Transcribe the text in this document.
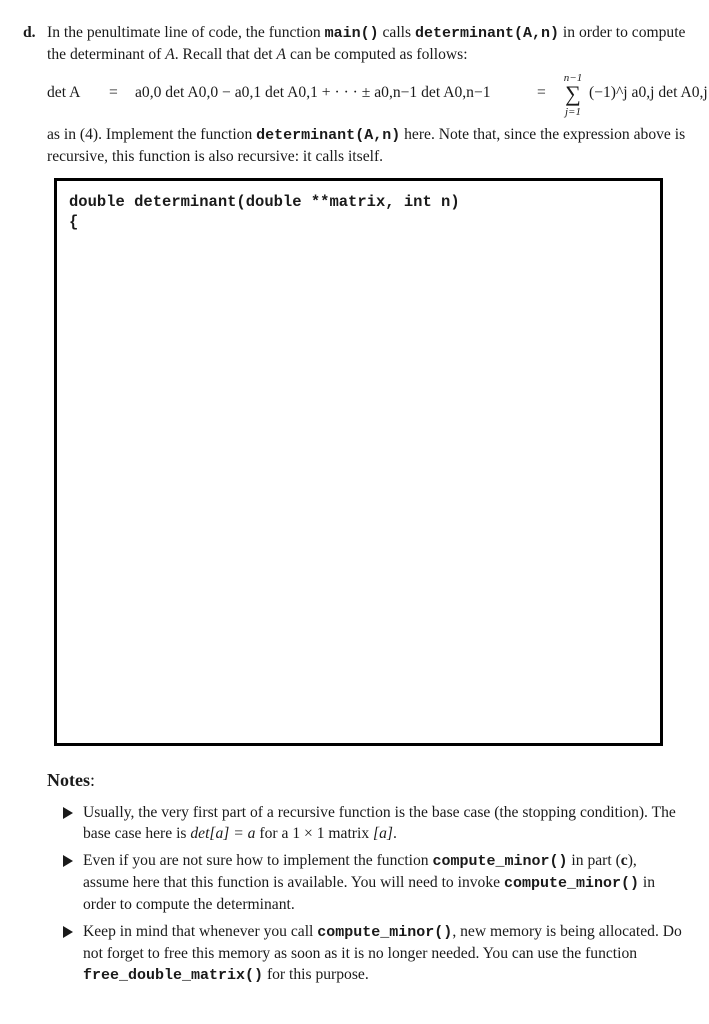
d. In the penultimate line of code, the function main() calls determinant(A,n) in order to compute the determinant of A. Recall that det A can be computed as follows:
det A = a0,0 det A0,0 − a0,1 det A0,1 + · · · ± a0,n−1 det A0,n−1	=
n−1
∑
j=1
(−1)^j a0,j det A0,j
as in (4). Implement the function determinant(A,n) here. Note that, since the expression above is recursive, this function is also recursive: it calls itself.
double determinant(double **matrix, int n)
{
Notes:
Usually, the very first part of a recursive function is the base case (the stopping condition). The base case here is det[a] = a for a 1 × 1 matrix [a].
Even if you are not sure how to implement the function compute_minor() in part (c), assume here that this function is available. You will need to invoke compute_minor() in order to compute the determinant.
Keep in mind that whenever you call compute_minor(), new memory is being allocated. Do not forget to free this memory as soon as it is no longer needed. You can use the function free_double_matrix() for this purpose.
